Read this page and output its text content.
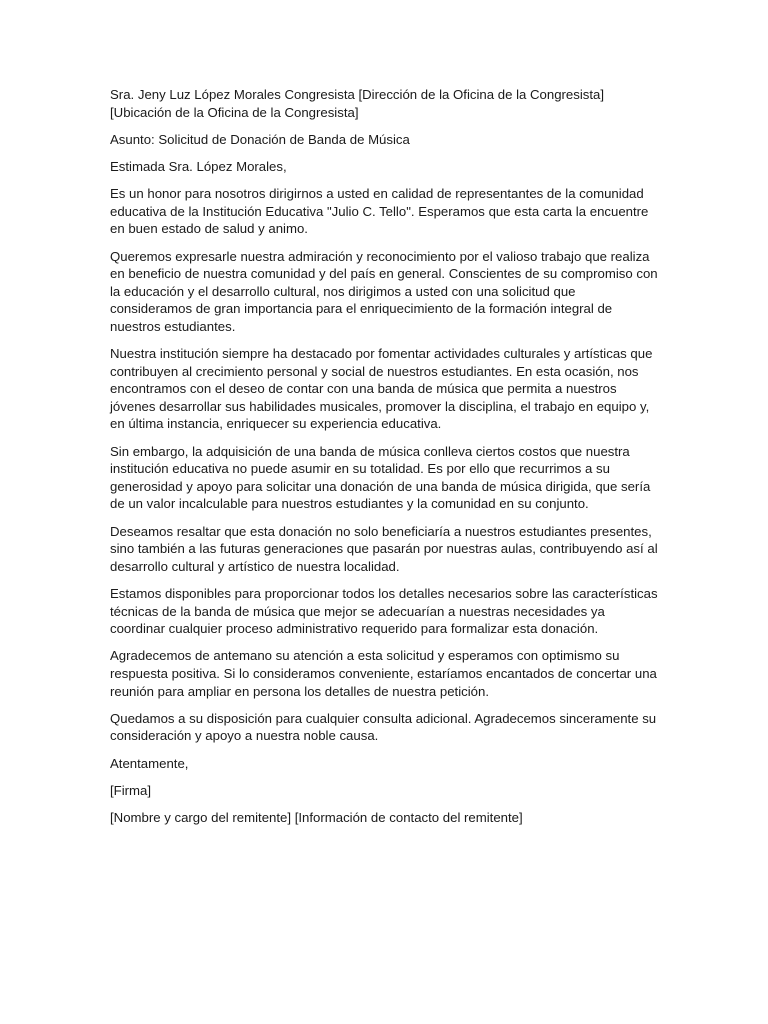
Sra. Jeny Luz López Morales Congresista [Dirección de la Oficina de la Congresista] [Ubicación de la Oficina de la Congresista]

Asunto: Solicitud de Donación de Banda de Música

Estimada Sra. López Morales,

Es un honor para nosotros dirigirnos a usted en calidad de representantes de la comunidad educativa de la Institución Educativa "Julio C. Tello". Esperamos que esta carta la encuentre en buen estado de salud y animo.

Queremos expresarle nuestra admiración y reconocimiento por el valioso trabajo que realiza en beneficio de nuestra comunidad y del país en general. Conscientes de su compromiso con la educación y el desarrollo cultural, nos dirigimos a usted con una solicitud que consideramos de gran importancia para el enriquecimiento de la formación integral de nuestros estudiantes.

Nuestra institución siempre ha destacado por fomentar actividades culturales y artísticas que contribuyen al crecimiento personal y social de nuestros estudiantes. En esta ocasión, nos encontramos con el deseo de contar con una banda de música que permita a nuestros jóvenes desarrollar sus habilidades musicales, promover la disciplina, el trabajo en equipo y, en última instancia, enriquecer su experiencia educativa.

Sin embargo, la adquisición de una banda de música conlleva ciertos costos que nuestra institución educativa no puede asumir en su totalidad. Es por ello que recurrimos a su generosidad y apoyo para solicitar una donación de una banda de música dirigida, que sería de un valor incalculable para nuestros estudiantes y la comunidad en su conjunto.

Deseamos resaltar que esta donación no solo beneficiaría a nuestros estudiantes presentes, sino también a las futuras generaciones que pasarán por nuestras aulas, contribuyendo así al desarrollo cultural y artístico de nuestra localidad.

Estamos disponibles para proporcionar todos los detalles necesarios sobre las características técnicas de la banda de música que mejor se adecuarían a nuestras necesidades ya coordinar cualquier proceso administrativo requerido para formalizar esta donación.

Agradecemos de antemano su atención a esta solicitud y esperamos con optimismo su respuesta positiva. Si lo consideramos conveniente, estaríamos encantados de concertar una reunión para ampliar en persona los detalles de nuestra petición.

Quedamos a su disposición para cualquier consulta adicional. Agradecemos sinceramente su consideración y apoyo a nuestra noble causa.

Atentamente,

[Firma]

[Nombre y cargo del remitente] [Información de contacto del remitente]
